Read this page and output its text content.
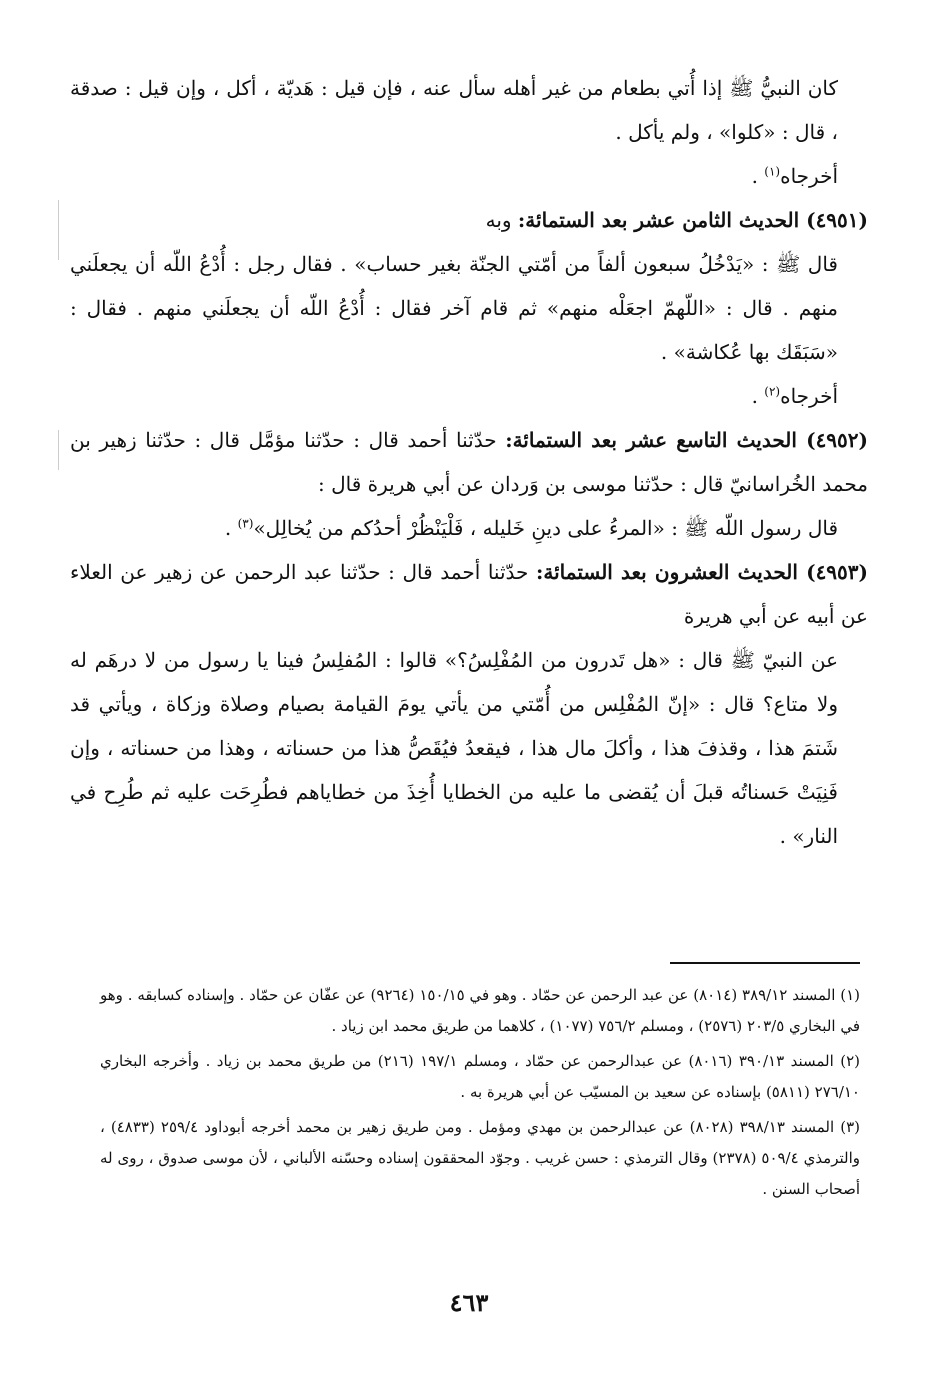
كان النبيُّ ﷺ إذا أُتي بطعام من غير أهله سأل عنه ، فإن قيل : هَديّة ، أكل ، وإن قيل : صدقة ، قال : «كلوا» ، ولم يأكل .

أخرجاه$^{(١)}$ .

(٤٩٥١) الحديث الثامن عشر بعد الستمائة: وبه

قال ﷺ : «يَدْخُلُ سبعون ألفاً من أمّتي الجنّة بغير حساب» . فقال رجل : أُدْعُ اللّه أن يجعلَني منهم . قال : «اللّهمّ اجعَلْه منهم» ثم قام آخر فقال : أُدْعُ اللّه أن يجعلَني منهم . فقال : «سَبَقَك بها عُكاشة» .

أخرجاه$^{(٢)}$ .

(٤٩٥٢) الحديث التاسع عشر بعد الستمائة: حدّثنا أحمد قال : حدّثنا مؤمَّل قال : حدّثنا زهير بن محمد الخُراسانيّ قال : حدّثنا موسى بن وَردان عن أبي هريرة قال :

قال رسول اللّه ﷺ : «المرءُ على دينِ خَليله ، فَلْيَنْظُرْ أحدُكم من يُخالِل»$^{(٣)}$ .

(٤٩٥٣) الحديث العشرون بعد الستمائة: حدّثنا أحمد قال : حدّثنا عبد الرحمن عن زهير عن العلاء عن أبيه عن أبي هريرة

عن النبيّ ﷺ قال : «هل تَدرون من المُفْلِسُ؟» قالوا : المُفلِسُ فينا يا رسول من لا درهَم له ولا متاع؟ قال : «إنّ المُفْلِس من أُمّتي من يأتي يومَ القيامة بصيام وصلاة وزكاة ، ويأتي قد شَتمَ هذا ، وقذفَ هذا ، وأكلَ مال هذا ، فيقعدُ فيُقَصُّ هذا من حسناته ، وهذا من حسناته ، وإن فَنِيَتْ حَسناتُه قبلَ أن يُقضى ما عليه من الخطايا أُخِذَ من خطاياهم فطُرِحَت عليه ثم طُرِح في النار» .

(١) المسند ٣٨٩/١٢ (٨٠١٤) عن عبد الرحمن عن حمّاد . وهو في ١٥٠/١٥ (٩٢٦٤) عن عفّان عن حمّاد . وإسناده كسابقه . وهو في البخاري ٢٠٣/٥ (٢٥٧٦) ، ومسلم ٧٥٦/٢ (١٠٧٧) ، كلاهما من طريق محمد ابن زياد .

(٢) المسند ٣٩٠/١٣ (٨٠١٦) عن عبدالرحمن عن حمّاد ، ومسلم ١٩٧/١ (٢١٦) من طريق محمد بن زياد . وأخرجه البخاري ٢٧٦/١٠ (٥٨١١) بإسناده عن سعيد بن المسيّب عن أبي هريرة به .

(٣) المسند ٣٩٨/١٣ (٨٠٢٨) عن عبدالرحمن بن مهدي ومؤمل . ومن طريق زهير بن محمد أخرجه أبوداود ٢٥٩/٤ (٤٨٣٣) ، والترمذي ٥٠٩/٤ (٢٣٧٨) وقال الترمذي : حسن غريب . وجوّد المحققون إسناده وحسّنه الألباني ، لأن موسى صدوق ، روى له أصحاب السنن .

٤٦٣
